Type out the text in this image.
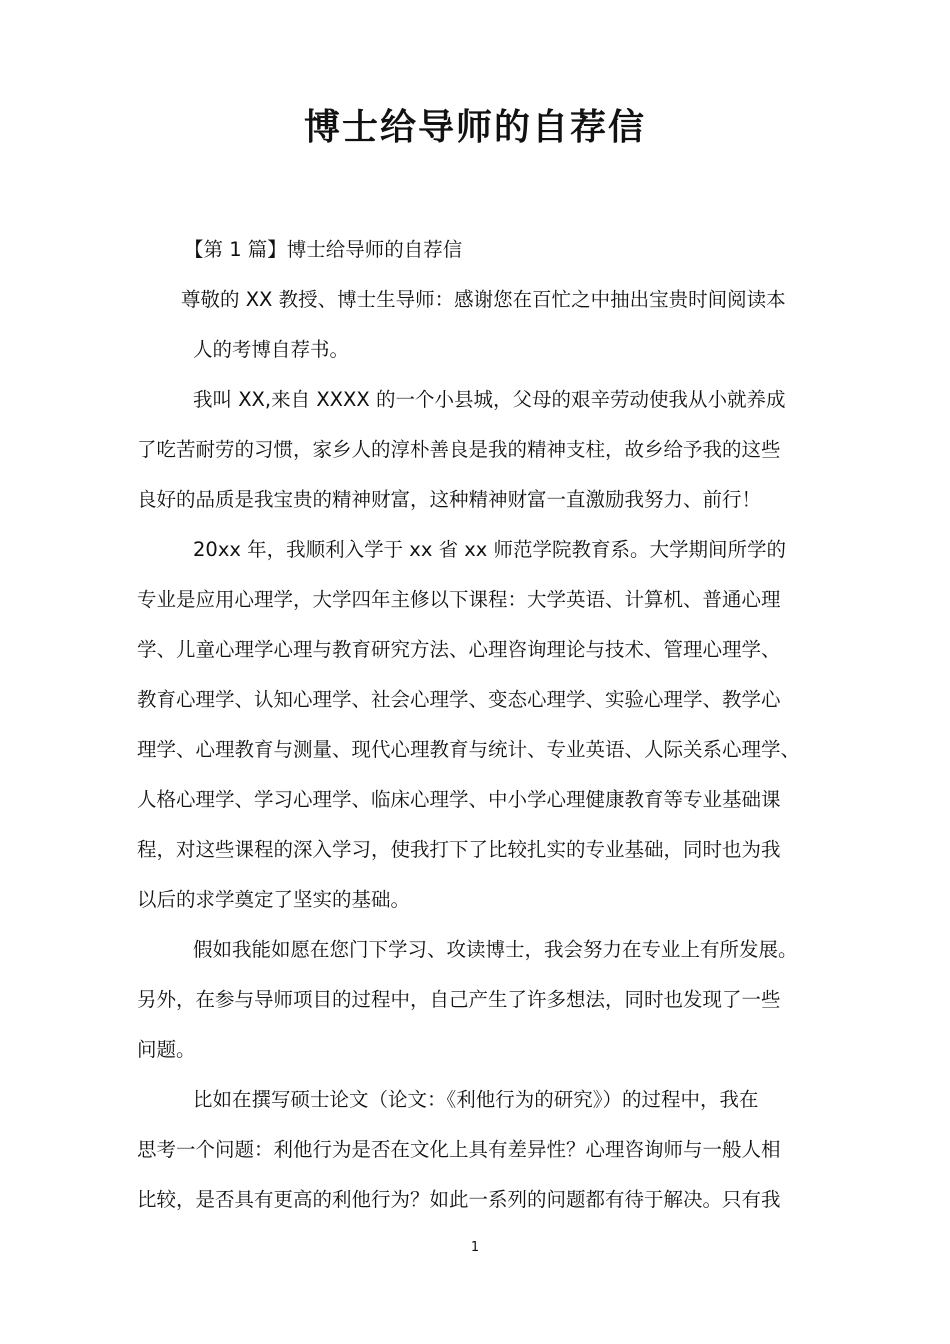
博士给导师的自荐信
【第 1 篇】博士给导师的自荐信
尊敬的 XX 教授、博士生导师：感谢您在百忙之中抽出宝贵时间阅读本
人的考博自荐书。
我叫 XX,来自 XXXX 的一个小县城，父母的艰辛劳动使我从小就养成
了吃苦耐劳的习惯，家乡人的淳朴善良是我的精神支柱，故乡给予我的这些
良好的品质是我宝贵的精神财富，这种精神财富一直激励我努力、前行！
20xx 年，我顺利入学于 xx 省 xx 师范学院教育系。大学期间所学的
专业是应用心理学，大学四年主修以下课程：大学英语、计算机、普通心理
学、儿童心理学心理与教育研究方法、心理咨询理论与技术、管理心理学、
教育心理学、认知心理学、社会心理学、变态心理学、实验心理学、教学心
理学、心理教育与测量、现代心理教育与统计、专业英语、人际关系心理学、
人格心理学、学习心理学、临床心理学、中小学心理健康教育等专业基础课
程，对这些课程的深入学习，使我打下了比较扎实的专业基础，同时也为我
以后的求学奠定了坚实的基础。
假如我能如愿在您门下学习、攻读博士，我会努力在专业上有所发展。
另外，在参与导师项目的过程中，自己产生了许多想法，同时也发现了一些
问题。
比如在撰写硕士论文（论文：《利他行为的研究》）的过程中，我在
思考一个问题：利他行为是否在文化上具有差异性？心理咨询师与一般人相
比较，是否具有更高的利他行为？如此一系列的问题都有待于解决。只有我
1
